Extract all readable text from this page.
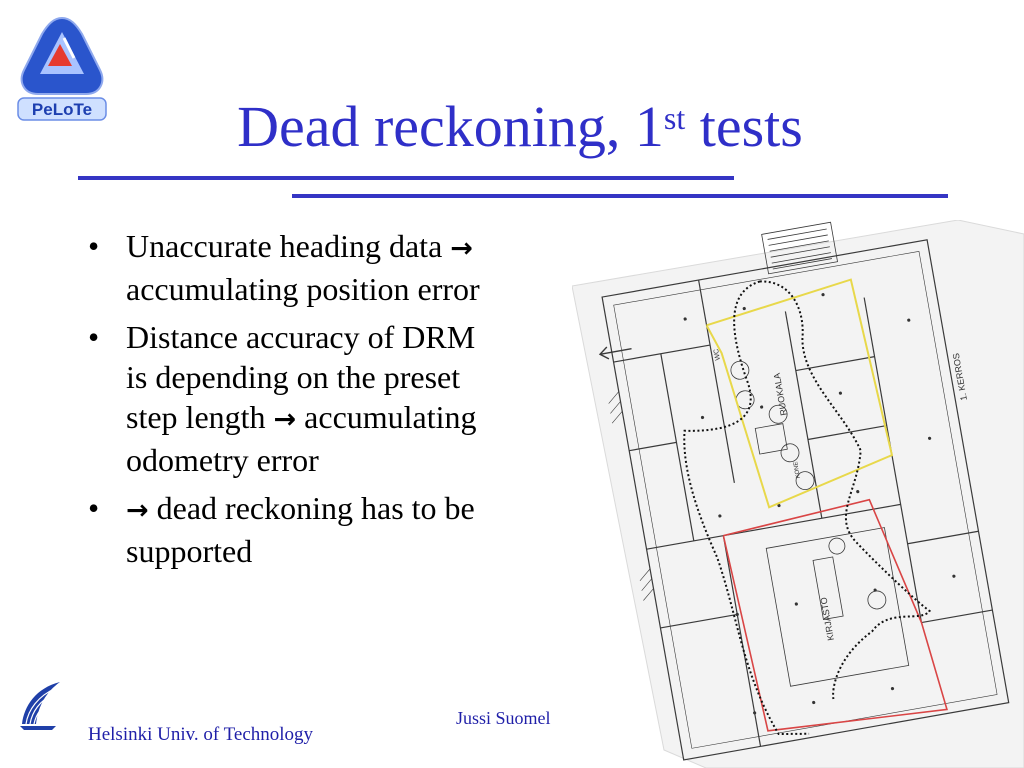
PeLoTe	Dead reckoning, 1st tests
• Unaccurate heading data → accumulating position error
• Distance accuracy of DRM is depending on the preset step length → accumulating odometry error
• → dead reckoning has to be supported
RUOKALA
KIRJASTO
1. KERROS
WC
KONE
Helsinki Univ. of Technology
Jussi Suomel
